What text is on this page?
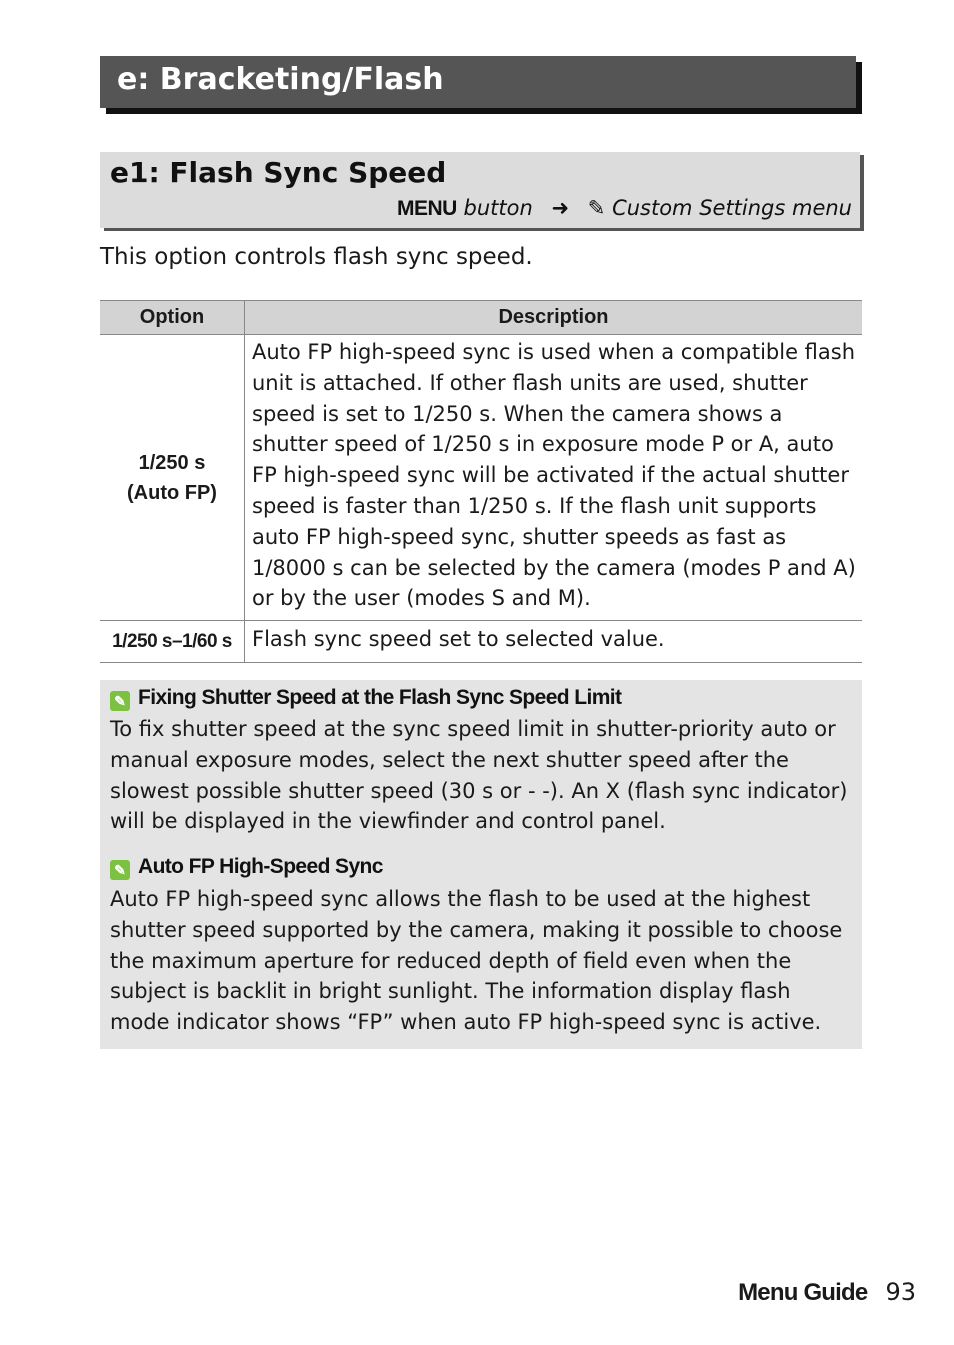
e: Bracketing/Flash
e1: Flash Sync Speed
MENU button ➜ ✎ Custom Settings menu

This option controls flash sync speed.

Option	Description

1/250 s
(Auto FP)	Auto FP high-speed sync is used when a compatible flash unit is attached. If other flash units are used, shutter speed is set to 1/250 s. When the camera shows a shutter speed of 1/250 s in exposure mode P or A, auto FP high-speed sync will be activated if the actual shutter speed is faster than 1/250 s. If the flash unit supports auto FP high-speed sync, shutter speeds as fast as 1/8000 s can be selected by the camera (modes P and A) or by the user (modes S and M).
1/250 s–1/60 s	Flash sync speed set to selected value.
✎ Fixing Shutter Speed at the Flash Sync Speed Limit

To fix shutter speed at the sync speed limit in shutter-priority auto or manual exposure modes, select the next shutter speed after the slowest possible shutter speed (30 s or - -). An X (flash sync indicator) will be displayed in the viewfinder and control panel.

✎ Auto FP High-Speed Sync

Auto FP high-speed sync allows the flash to be used at the highest shutter speed supported by the camera, making it possible to choose the maximum aperture for reduced depth of field even when the subject is backlit in bright sunlight. The information display flash mode indicator shows “FP” when auto FP high-speed sync is active.

Menu Guide 93
